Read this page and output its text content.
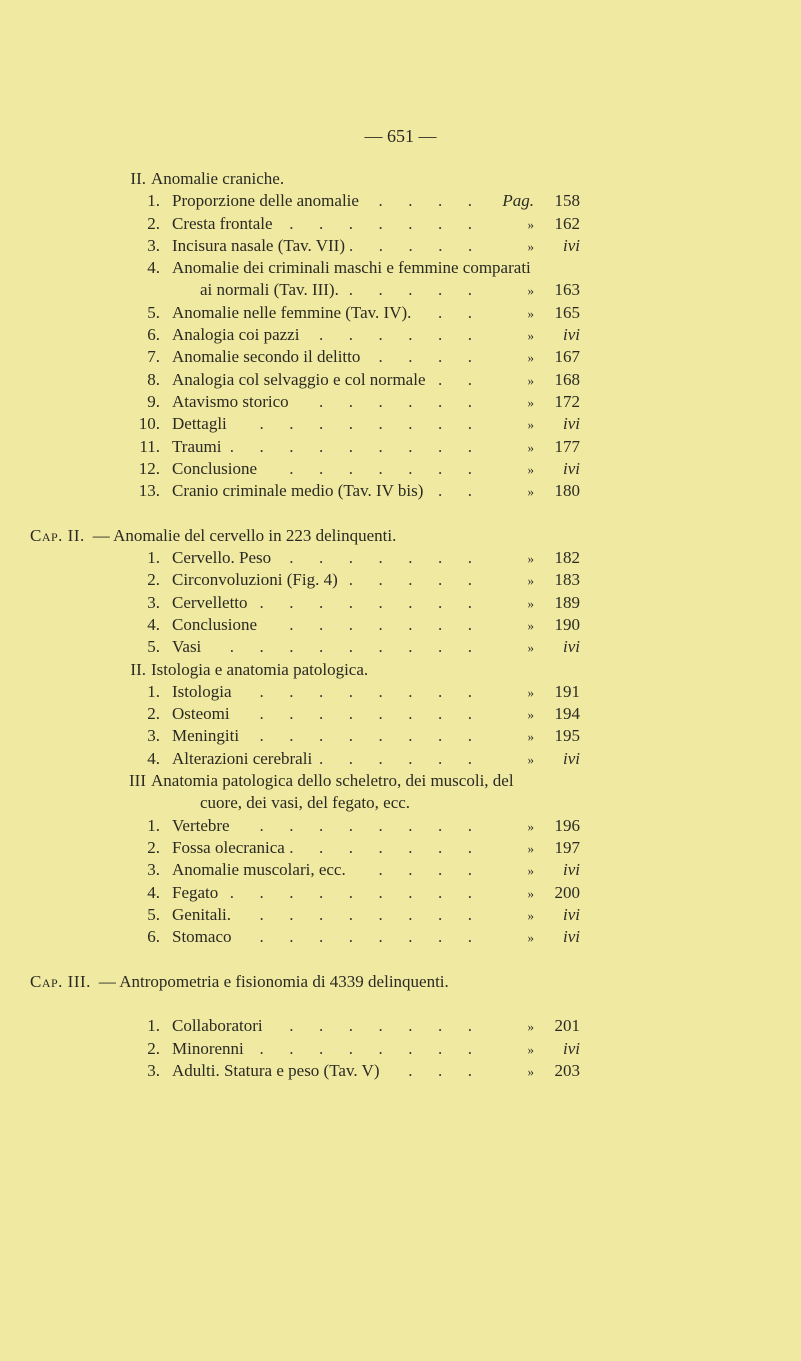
— 651 —
II. Anomalie craniche.
1. Proporzione delle anomalie	.  .  .  .	Pag.	158
2. Cresta frontale .  .  .  .  .  .  .	»	162
3. Incisura nasale (Tav. VII) .  .  .  .  .	»	ivi
4. Anomalie dei criminali maschi e femmine comparati
ai normali (Tav. III). .  .  .  .  .	»	163
5. Anomalie nelle femmine (Tav. IV).	.  .	»	165
6. Analogia coi pazzi	.  .  .  .  .  .	»	ivi
7. Anomalie secondo il delitto	.  .  .  .	»	167
8. Analogia col selvaggio e col normale .  .	»	168
9. Atavismo storico	.  .  .  .  .  .	»	172
10. Dettagli	.  .  .  .  .  .  .  .	»	ivi
11. Traumi .  .  .  .  .  .  .  .  .	»	177
12. Conclusione	.  .  .  .  .  .  .	»	ivi
13. Cranio criminale medio (Tav. IV bis) .  .	»	180
Cap. II. — Anomalie del cervello in 223 delinquenti.
1. Cervello. Peso	.  .  .  .  .  .  .	»	182
2. Circonvoluzioni (Fig. 4) .  .  .  .  .	»	183
3. Cervelletto .  .  .  .  .  .  .  .	»	189
4. Conclusione	.  .  .  .  .  .  .	»	190
5. Vasi	.  .  .  .  .  .  .  .  .	»	ivi
II. Istologia e anatomia patologica.
1. Istologia	.  .  .  .  .  .  .  .	»	191
2. Osteomi	.  .  .  .  .  .  .  .	»	194
3. Meningiti	.  .  .  .  .  .  .  .	»	195
4. Alterazioni cerebrali .  .  .  .  .  .	»	ivi
III Anatomia patologica dello scheletro, dei muscoli, del
cuore, dei vasi, del fegato, ecc.
1. Vertebre	.  .  .  .  .  .  .  .	»	196
2. Fossa olecranica .  .  .  .  .  .  .	»	197
3. Anomalie muscolari, ecc.	.  .  .  .	»	ivi
4. Fegato .  .  .  .  .  .  .  .  .	»	200
5. Genitali.	.  .  .  .  .  .  .  .	»	ivi
6. Stomaco	.  .  .  .  .  .  .  .	»	ivi
Cap. III. — Antropometria e fisionomia di 4339 delinquenti.
1. Collaboratori	.  .  .  .  .  .  .	»	201
2. Minorenni .  .  .  .  .  .  .  .	»	ivi
3. Adulti. Statura e peso (Tav. V)	.  .  .	»	203
